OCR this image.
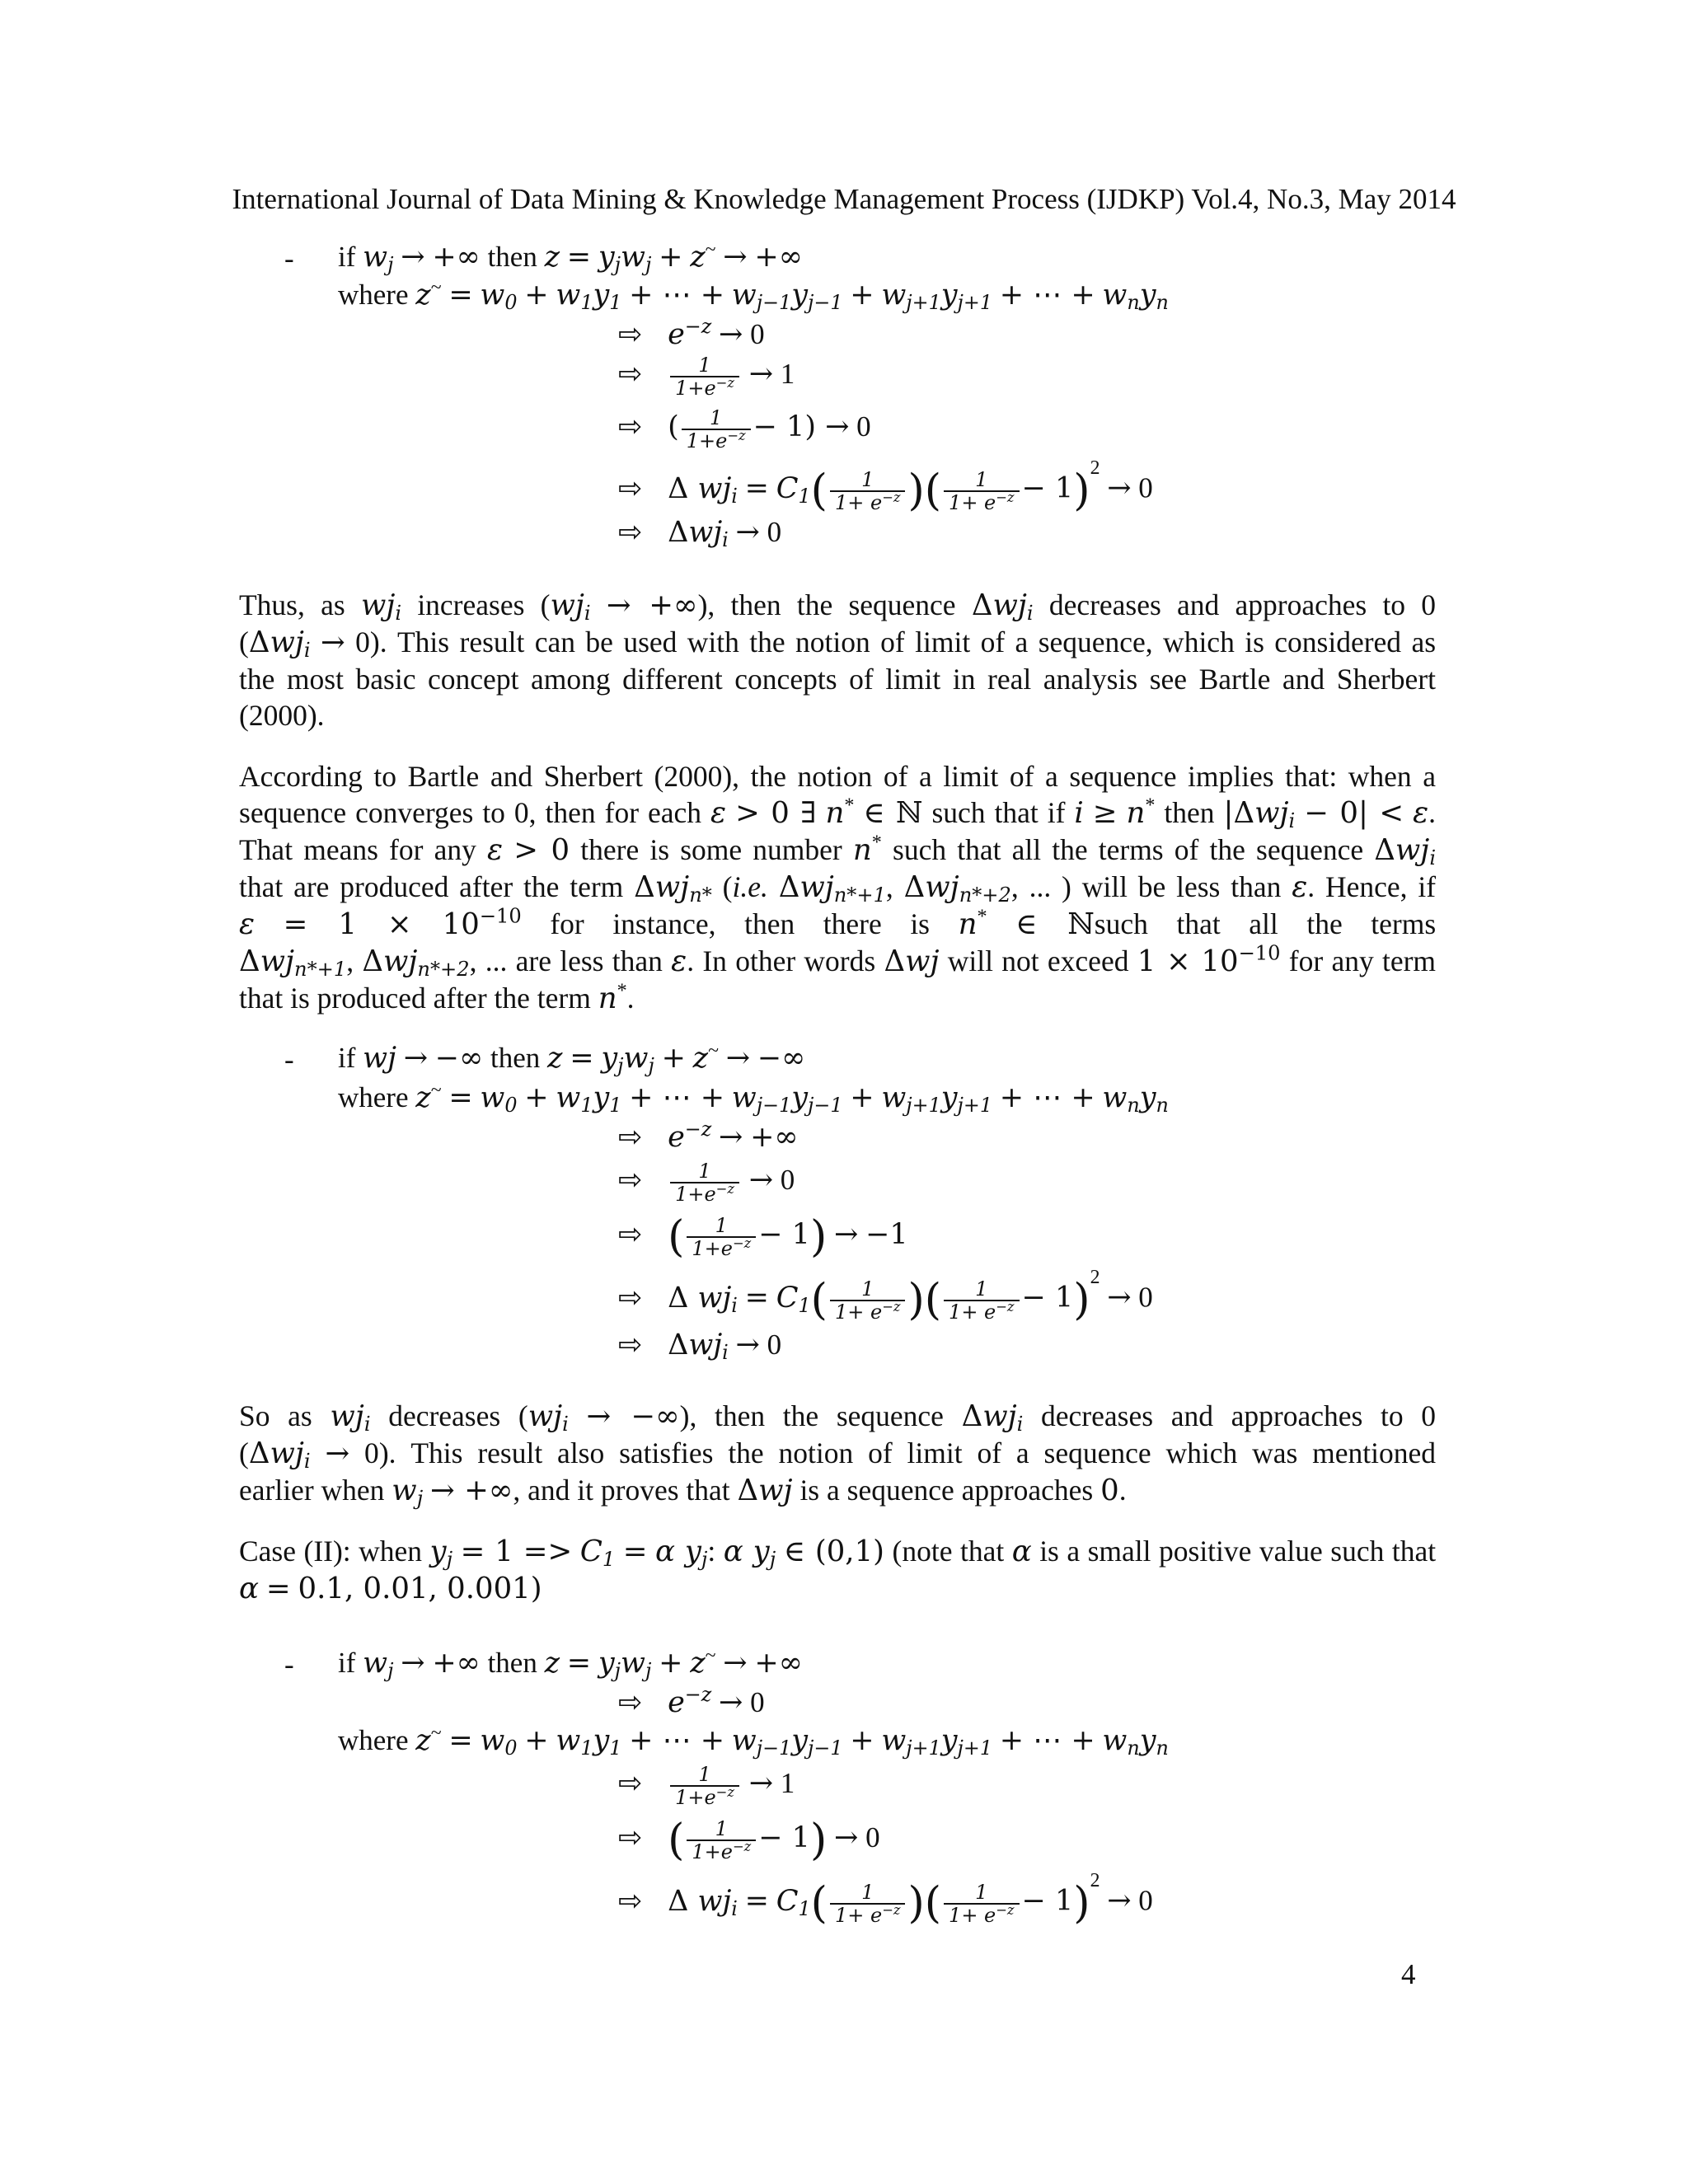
International Journal of Data Mining & Knowledge Management Process (IJDKP) Vol.4, No.3, May 2014
- if $w_j$ → +∞ then $z = y_jw_j + z^\sim$ → +∞
where $z^\sim = w_0 + w_1y_1$ + ⋯ + $w_{j-1}y_{j-1} + w_{j+1}y_{j+1}$ + ⋯ + $w_ny_n$
⇨ $e^{-z} \to 0$
⇨ $\frac{1}{1+e^{-z}} \to 1$
⇨ ( $\frac{1}{1+e^{-z}} - 1) \to 0$
⇨ Δ $wj_i = C_1( \frac{1}{1+ e^{-z}}$ )( $\frac{1}{1+ e^{-z}} - 1)^2 \to 0$
⇨ Δwj$_i$ → 0
Thus, as $wj_i$ increases ($wj_i$ → +∞), then the sequence Δwj$_i$ decreases and approaches to 0
(Δwj$_i$ → 0). This result can be used with the notion of limit of a sequence, which is considered as
the most basic concept among different concepts of limit in real analysis see Bartle and Sherbert
(2000).
According to Bartle and Sherbert (2000), the notion of a limit of a sequence implies that: when a
sequence converges to 0, then for each ε > 0 ∃ n* ∈ ℕ such that if i ≥ n* then |Δwj$_i$ − 0| < ε.
That means for any ε > 0 there is some number n* such that all the terms of the sequence Δwj$_i$
that are produced after the term Δwj$_{n*}$ (i.e. Δwj$_{n*+1}$, Δwj$_{n*+2}$, ... ) will be less than ε. Hence, if
$\varepsilon = 1 \times 10^{-10}$ for instance, then there is n* ∈ ℕsuch that all the terms
Δwj$_{n*+1}$, Δwj$_{n*+2}$, ... are less than ε. In other words Δwj will not exceed $1 \times 10^{-10}$ for any term
that is produced after the term n*.
- if wj → −∞ then $z = y_jw_j + z^\sim$ → −∞
where $z^\sim = w_0 + w_1y_1$ + ⋯ + $w_{j-1}y_{j-1} + w_{j+1}y_{j+1}$ + ⋯ + $w_ny_n$
⇨ $e^{-z}$ → +∞
⇨ $\frac{1}{1+e^{-z}} \to 0$
⇨ ( $\frac{1}{1+e^{-z}} - 1) \to -1$
⇨ Δ $wj_i = C_1( \frac{1}{1+ e^{-z}}$ )( $\frac{1}{1+ e^{-z}} - 1)^2 \to 0$
⇨ Δwj$_i$ → 0
So as $wj_i$ decreases ($wj_i$ → −∞), then the sequence Δwj$_i$ decreases and approaches to 0
(Δwj$_i$ → 0). This result also satisfies the notion of limit of a sequence which was mentioned
earlier when $w_j$ → +∞, and it proves that Δwj is a sequence approaches 0.
Case (II): when $y_j = 1 => C_1 = \alpha$ $y_j$: α $y_j$ ∈ (0,1) (note that α is a small positive value such that
α = 0.1, 0.01, 0.001)
- if $w_j$ → +∞ then $z = y_jw_j + z^\sim$ → +∞
⇨ $e^{-z} \to 0$
where $z^\sim = w_0 + w_1y_1$ + ⋯ + $w_{j-1}y_{j-1} + w_{j+1}y_{j+1}$ + ⋯ + $w_ny_n$
⇨ $\frac{1}{1+e^{-z}} \to 1$
⇨ ( $\frac{1}{1+e^{-z}} - 1) \to 0$
⇨ Δ $wj_i = C_1( \frac{1}{1+ e^{-z}}$ )( $\frac{1}{1+ e^{-z}} - 1)^2 \to 0$
4
